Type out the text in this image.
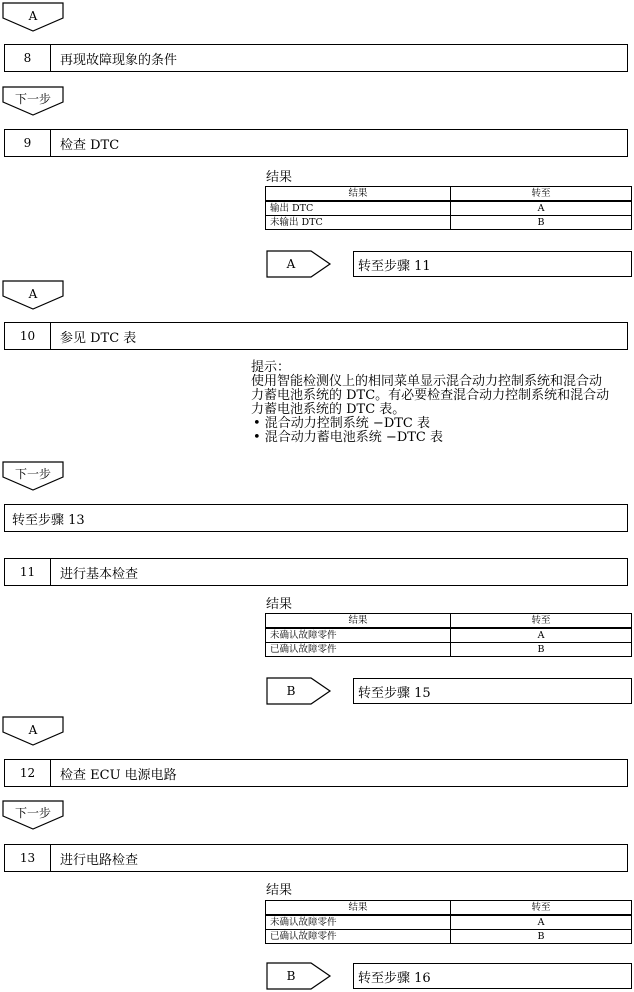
A
8	再现故障现象的条件
下一步
9	检查 DTC
结果
结果	转至
输出 DTC	A
未输出 DTC	B
A	转至步骤 11
A
10	参见 DTC 表
提示：
使用智能检测仪上的相同菜单显示混合动力控制系统和混合动
力蓄电池系统的 DTC。有必要检查混合动力控制系统和混合动
力蓄电池系统的 DTC 表。
• 混合动力控制系统 −DTC 表
• 混合动力蓄电池系统 −DTC 表
下一步
转至步骤 13
11	进行基本检查
结果
结果	转至
未确认故障零件	A
已确认故障零件	B
B	转至步骤 15
A
12	检查 ECU 电源电路
下一步
13	进行电路检查
结果
结果	转至
未确认故障零件	A
已确认故障零件	B
B	转至步骤 16
